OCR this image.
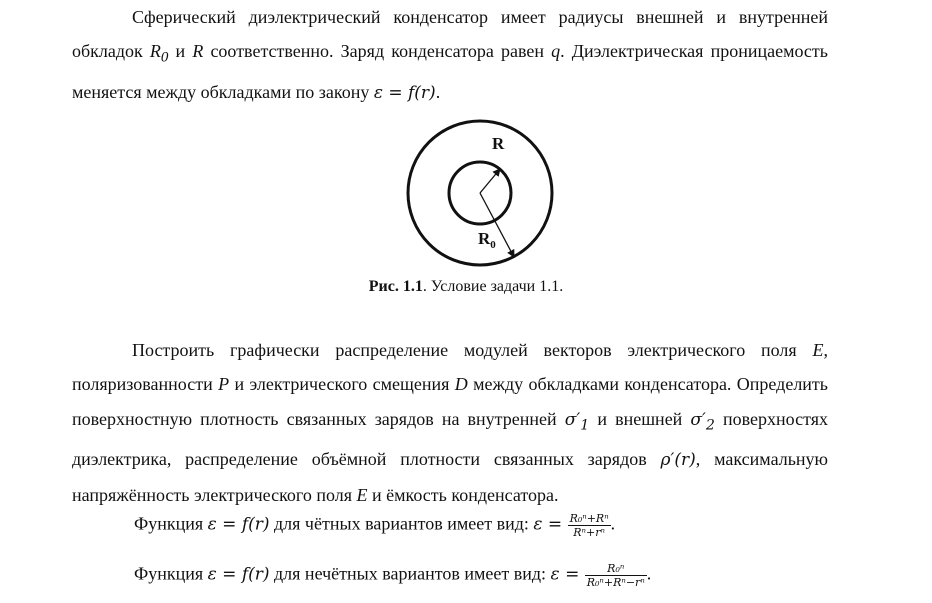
Сферический диэлектрический конденсатор имеет радиусы внешней и внутренней обкладок $R_0$ и R соответственно. Заряд конденсатора равен q. Диэлектрическая проницаемость меняется между обкладками по закону ε = f(r).
R
$R_0$
Рис. 1.1. Условие задачи 1.1.
Построить графически распределение модулей векторов электрического поля E, поляризованности P и электрического смещения D между обкладками конденсатора. Определить поверхностную плотность связанных зарядов на внутренней $\sigma'_1$ и внешней $\sigma'_2$ поверхностях диэлектрика, распределение объёмной плотности связанных зарядов ρ′(r), максимальную напряжённость электрического поля E и ёмкость конденсатора.
Функция ε = f(r) для чётных вариантов имеет вид: $\varepsilon = \frac{\text{R₀ⁿ+Rⁿ}}{\text{Rⁿ+rⁿ}}$ .
Функция ε = f(r) для нечётных вариантов имеет вид: $\varepsilon = \frac{\text{R₀ⁿ}}{\text{R₀ⁿ+Rⁿ−rⁿ}}$ .
